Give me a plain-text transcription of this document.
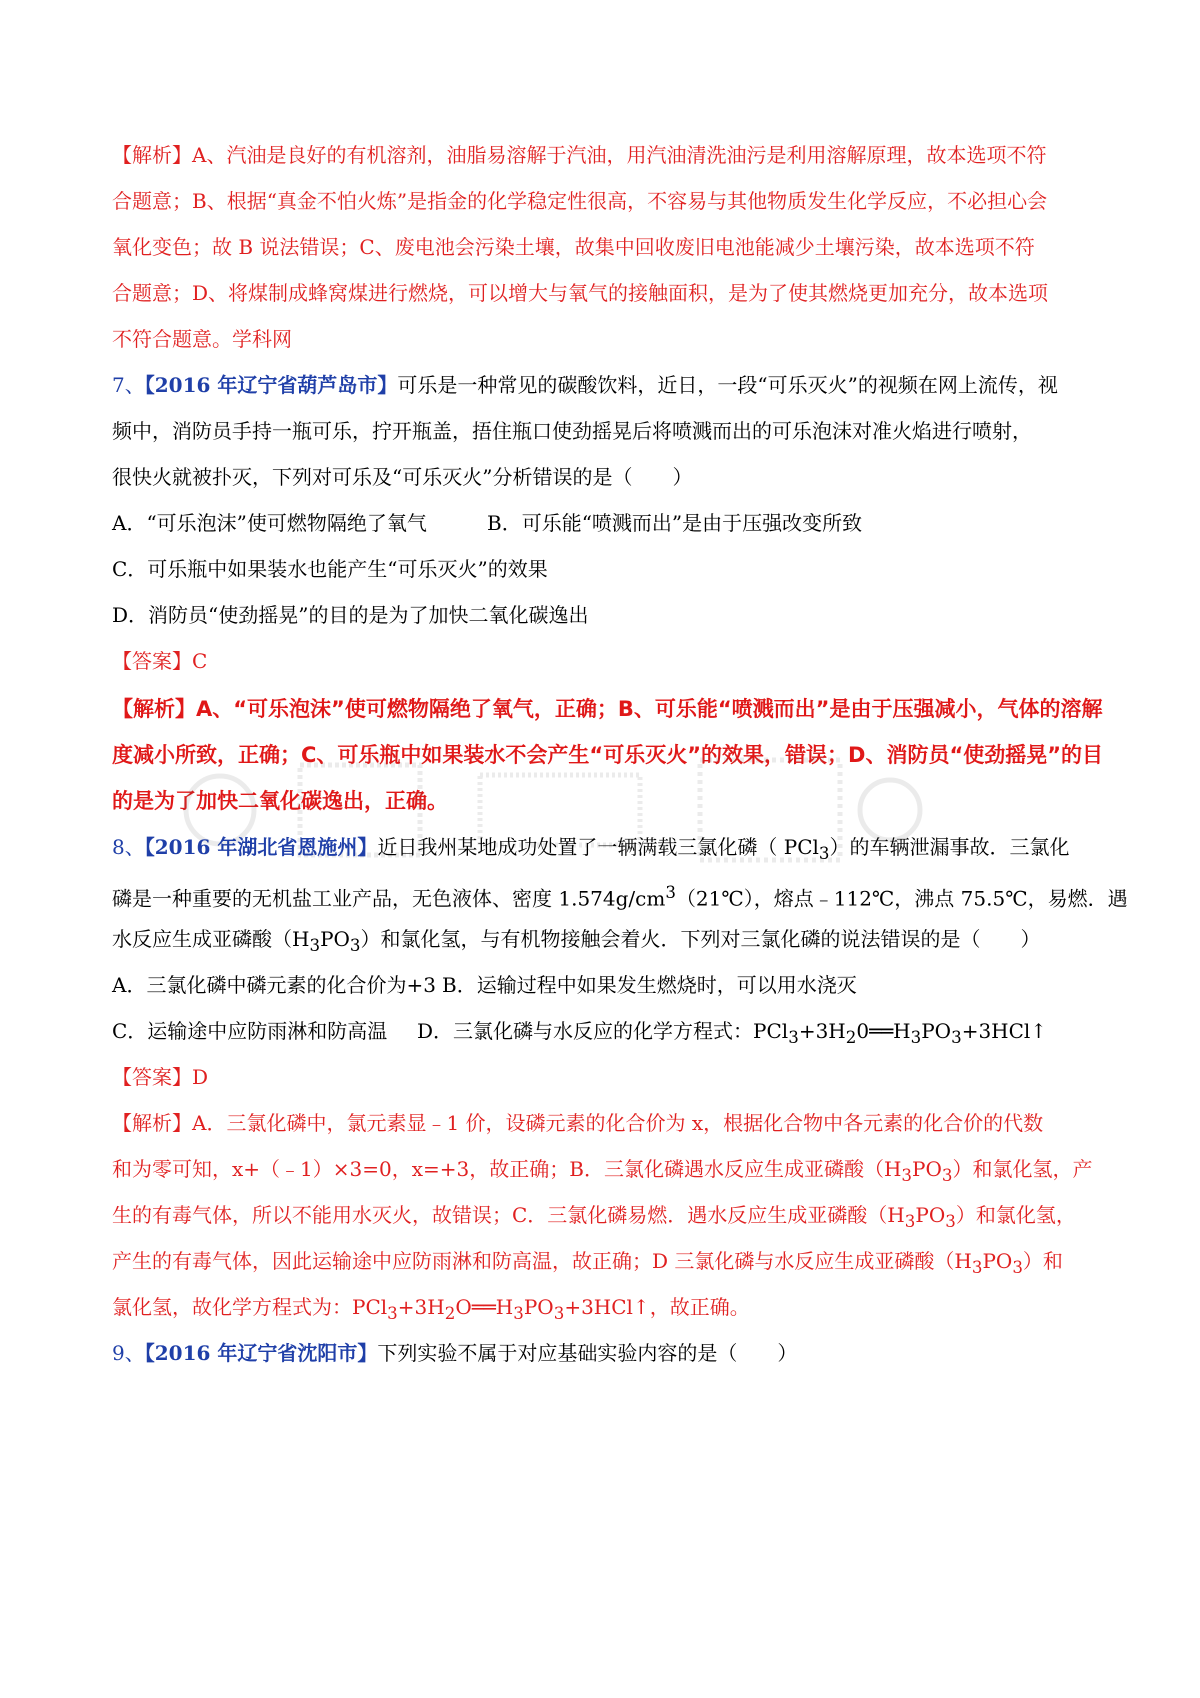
【解析】A、汽油是良好的有机溶剂，油脂易溶解于汽油，用汽油清洗油污是利用溶解原理，故本选项不符
合题意；B、根据“真金不怕火炼”是指金的化学稳定性很高，不容易与其他物质发生化学反应，不必担心会
氧化变色；故 B 说法错误；C、废电池会污染土壤，故集中回收废旧电池能减少土壤污染，故本选项不符
合题意；D、将煤制成蜂窝煤进行燃烧，可以增大与氧气的接触面积，是为了使其燃烧更加充分，故本选项
不符合题意。学科网
7、【2016 年辽宁省葫芦岛市】可乐是一种常见的碳酸饮料，近日，一段“可乐灭火”的视频在网上流传，视
频中，消防员手持一瓶可乐，拧开瓶盖，捂住瓶口使劲摇晃后将喷溅而出的可乐泡沫对准火焰进行喷射，
很快火就被扑灭，下列对可乐及“可乐灭火”分析错误的是（　　）
A．“可乐泡沫”使可燃物隔绝了氧气	B．可乐能“喷溅而出”是由于压强改变所致
C．可乐瓶中如果装水也能产生“可乐灭火”的效果
D．消防员“使劲摇晃”的目的是为了加快二氧化碳逸出
【答案】C
【解析】A、“可乐泡沫”使可燃物隔绝了氧气，正确；B、可乐能“喷溅而出”是由于压强减小，气体的溶解
度减小所致，正确；C、可乐瓶中如果装水不会产生“可乐灭火”的效果，错误；D、消防员“使劲摇晃”的目
的是为了加快二氧化碳逸出，正确。
8、【2016 年湖北省恩施州】近日我州某地成功处置了一辆满载三氯化磷（ PCl$_3$）的车辆泄漏事故．三氯化
磷是一种重要的无机盐工业产品，无色液体、密度 $1.574g/cm^3(21℃)$，熔点﹣112℃，沸点 75.5℃，易燃．遇
水反应生成亚磷酸$(H_3PO_3)$和氯化氢，与有机物接触会着火．下列对三氯化磷的说法错误的是（　　）
A．三氯化磷中磷元素的化合价为+3 B．运输过程中如果发生燃烧时，可以用水浇灭
C．运输途中应防雨淋和防高温 D．三氯化磷与水反应的化学方程式：$PCl_3+3H_20══H_3PO_3+3HCl↑$
【答案】D
【解析】A．三氯化磷中，氯元素显﹣1 价，设磷元素的化合价为 x，根据化合物中各元素的化合价的代数
和为零可知，x+（﹣1）×3=0，x=+3，故正确；B．三氯化磷遇水反应生成亚磷酸$(H_3PO_3)$和氯化氢，产
生的有毒气体，所以不能用水灭火，故错误；C．三氯化磷易燃．遇水反应生成亚磷酸$(H_3PO_3)$和氯化氢，
产生的有毒气体，因此运输途中应防雨淋和防高温，故正确；D 三氯化磷与水反应生成亚磷酸$(H_3PO_3)$和
氯化氢，故化学方程式为：$PCl_3+3H_2O══H_3PO_3+3HCl↑$，故正确。
9、【2016 年辽宁省沈阳市】下列实验不属于对应基础实验内容的是（　　）
